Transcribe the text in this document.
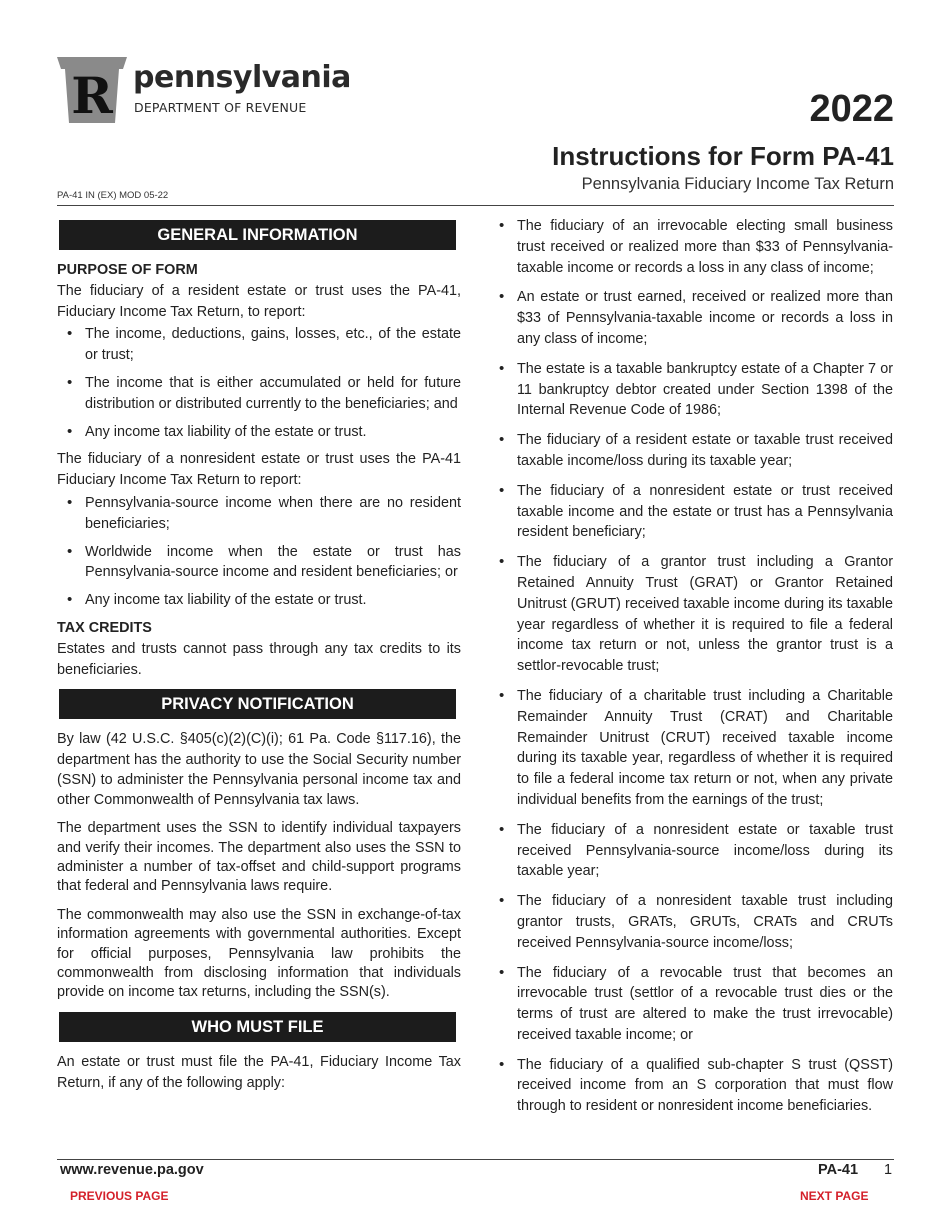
R pennsylvania
DEPARTMENT OF REVENUE	2022
Instructions for Form PA-41
Pennsylvania Fiduciary Income Tax Return
PA-41 IN (EX) MOD 05-22
GENERAL INFORMATION
PURPOSE OF FORM

The fiduciary of a resident estate or trust uses the PA-41, Fiduciary Income Tax Return, to report:

• The income, deductions, gains, losses, etc., of the estate or trust;
• The income that is either accumulated or held for future distribution or distributed currently to the beneficiaries; and
• Any income tax liability of the estate or trust.

The fiduciary of a nonresident estate or trust uses the PA-41 Fiduciary Income Tax Return to report:

• Pennsylvania-source income when there are no resident beneficiaries;
• Worldwide income when the estate or trust has Pennsylvania-source income and resident beneficiaries; or
• Any income tax liability of the estate or trust.
TAX CREDITS

Estates and trusts cannot pass through any tax credits to its beneficiaries.

PRIVACY NOTIFICATION

By law (42 U.S.C. §405(c)(2)(C)(i); 61 Pa. Code §117.16), the department has the authority to use the Social Security number (SSN) to administer the Pennsylvania personal income tax and other Commonwealth of Pennsylvania tax laws.

The department uses the SSN to identify individual taxpayers and verify their incomes. The department also uses the SSN to administer a number of tax-offset and child-support programs that federal and Pennsylvania laws require.

The commonwealth may also use the SSN in exchange-of-tax information agreements with governmental authorities. Except for official purposes, Pennsylvania law prohibits the commonwealth from disclosing information that individuals provide on income tax returns, including the SSN(s).

WHO MUST FILE

An estate or trust must file the PA-41, Fiduciary Income Tax Return, if any of the following apply:

• The fiduciary of an irrevocable electing small business trust received or realized more than $33 of Pennsylvania-taxable income or records a loss in any class of income;
• An estate or trust earned, received or realized more than $33 of Pennsylvania-taxable income or records a loss in any class of income;
• The estate is a taxable bankruptcy estate of a Chapter 7 or 11 bankruptcy debtor created under Section 1398 of the Internal Revenue Code of 1986;
• The fiduciary of a resident estate or taxable trust received taxable income/loss during its taxable year;
• The fiduciary of a nonresident estate or trust received taxable income and the estate or trust has a Pennsylvania resident beneficiary;
• The fiduciary of a grantor trust including a Grantor Retained Annuity Trust (GRAT) or Grantor Retained Unitrust (GRUT) received taxable income during its taxable year regardless of whether it is required to file a federal income tax return or not, unless the grantor trust is a settlor-revocable trust;
• The fiduciary of a charitable trust including a Charitable Remainder Annuity Trust (CRAT) and Charitable Remainder Unitrust (CRUT) received taxable income during its taxable year, regardless of whether it is required to file a federal income tax return or not, when any private individual benefits from the earnings of the trust;
• The fiduciary of a nonresident estate or taxable trust received Pennsylvania-source income/loss during its taxable year;
• The fiduciary of a nonresident taxable trust including grantor trusts, GRATs, GRUTs, CRATs and CRUTs received Pennsylvania-source income/loss;
• The fiduciary of a revocable trust that becomes an irrevocable trust (settlor of a revocable trust dies or the terms of trust are altered to make the trust irrevocable) received taxable income; or
• The fiduciary of a qualified sub-chapter S trust (QSST) received income from an S corporation that must flow through to resident or nonresident income beneficiaries.
www.revenue.pa.gov	PA-41 1
PREVIOUS PAGE	NEXT PAGE
